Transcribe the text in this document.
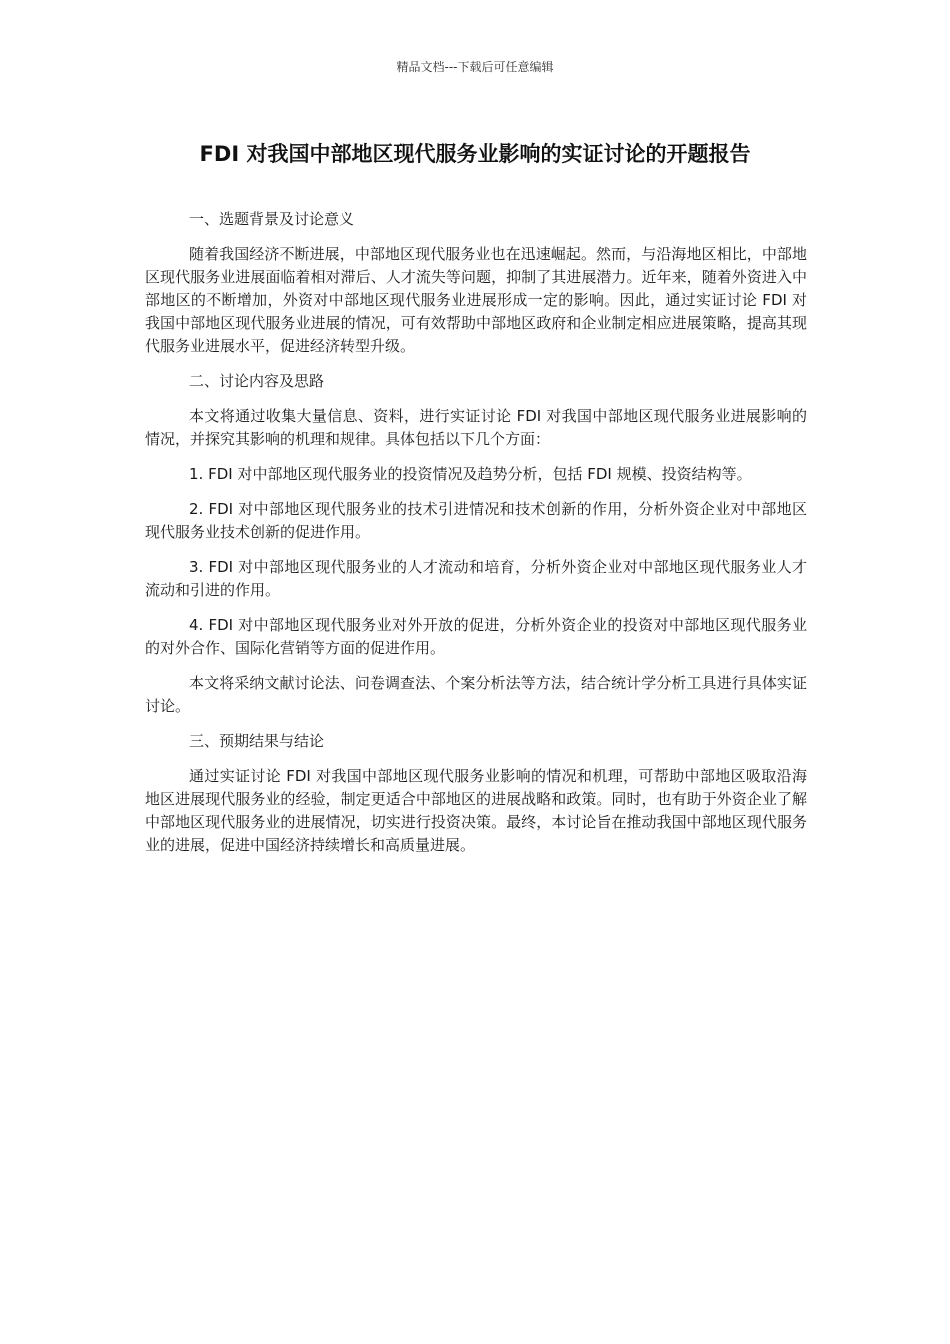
精品文档---下载后可任意编辑
FDI 对我国中部地区现代服务业影响的实证讨论的开题报告

一、选题背景及讨论意义

随着我国经济不断进展，中部地区现代服务业也在迅速崛起。然而，与沿海地区相比，中部地区现代服务业进展面临着相对滞后、人才流失等问题，抑制了其进展潜力。近年来，随着外资进入中部地区的不断增加，外资对中部地区现代服务业进展形成一定的影响。因此，通过实证讨论 FDI 对我国中部地区现代服务业进展的情况，可有效帮助中部地区政府和企业制定相应进展策略，提高其现代服务业进展水平，促进经济转型升级。

二、讨论内容及思路

本文将通过收集大量信息、资料，进行实证讨论 FDI 对我国中部地区现代服务业进展影响的情况，并探究其影响的机理和规律。具体包括以下几个方面：

1. FDI 对中部地区现代服务业的投资情况及趋势分析，包括 FDI 规模、投资结构等。

2. FDI 对中部地区现代服务业的技术引进情况和技术创新的作用，分析外资企业对中部地区现代服务业技术创新的促进作用。

3. FDI 对中部地区现代服务业的人才流动和培育，分析外资企业对中部地区现代服务业人才流动和引进的作用。

4. FDI 对中部地区现代服务业对外开放的促进，分析外资企业的投资对中部地区现代服务业的对外合作、国际化营销等方面的促进作用。

本文将采纳文献讨论法、问卷调查法、个案分析法等方法，结合统计学分析工具进行具体实证讨论。

三、预期结果与结论

通过实证讨论 FDI 对我国中部地区现代服务业影响的情况和机理，可帮助中部地区吸取沿海地区进展现代服务业的经验，制定更适合中部地区的进展战略和政策。同时，也有助于外资企业了解中部地区现代服务业的进展情况，切实进行投资决策。最终，本讨论旨在推动我国中部地区现代服务业的进展，促进中国经济持续增长和高质量进展。
